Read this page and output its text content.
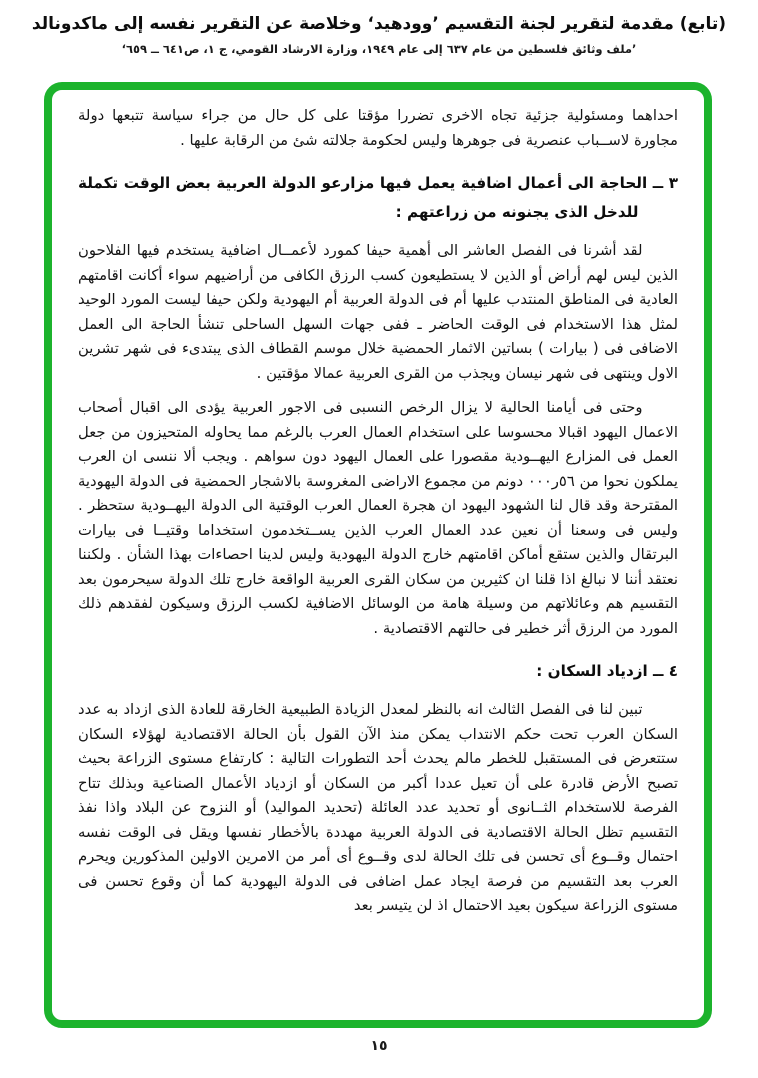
(تابع) مقدمة لتقرير لجنة التقسيم ’وودهيد‘ وخلاصة عن التقرير نفسه إلى ماكدونالد
’ملف وثائق فلسطين من عام ٦٣٧ إلى عام ١٩٤٩، وزارة الارشاد القومي، ج ١، ص٦٤١ ــ ٦٥٩‘

احداهما ومسئولية جزئية تجاه الاخرى تضررا مؤقتا على كل حال من جراء سياسة تتبعها دولة مجاورة لاســباب عنصرية فى جوهرها وليس لحكومة جلالته شئ من الرقابة عليها .

٣ ــ الحاجة الى أعمال اضافية يعمل فيها مزارعو الدولة العربية بعض الوقت تكملة للدخل الذى يجنونه من زراعتهم :

لقد أشرنا فى الفصل العاشر الى أهمية حيفا كمورد لأعمــال اضافية يستخدم فيها الفلاحون الذين ليس لهم أراض أو الذين لا يستطيعون كسب الرزق الكافى من أراضيهم سواء أكانت اقامتهم العادية فى المناطق المنتدب عليها أم فى الدولة العربية أم اليهودية ولكن حيفا ليست المورد الوحيد لمثل هذا الاستخدام فى الوقت الحاضر ـ ففى جهات السهل الساحلى تنشأ الحاجة الى العمل الاضافى فى ( بيارات ) بساتين الاثمار الحمضية خلال موسم القطاف الذى يبتدىء فى شهر تشرين الاول وينتهى فى شهر نيسان ويجذب من القرى العربية عمالا مؤقتين .

وحتى فى أيامنا الحالية لا يزال الرخص النسبى فى الاجور العربية يؤدى الى اقبال أصحاب الاعمال اليهود اقبالا محسوسا على استخدام العمال العرب بالرغم مما يحاوله المتحيزون من جعل العمل فى المزارع اليهــودية مقصورا على العمال اليهود دون سواهم . ويجب ألا ننسى ان العرب يملكون نحوا من ٥٦ر٠٠٠ دونم من مجموع الاراضى المغروسة بالاشجار الحمضية فى الدولة اليهودية المقترحة وقد قال لنا الشهود اليهود ان هجرة العمال العرب الوقتية الى الدولة اليهــودية ستحظر . وليس فى وسعنا أن نعين عدد العمال العرب الذين يســتخدمون استخداما وقتيــا فى بيارات البرتقال والذين ستقع أماكن اقامتهم خارج الدولة اليهودية وليس لدينا احصاءات بهذا الشأن . ولكننا نعتقد أننا لا نبالغ اذا قلنا ان كثيرين من سكان القرى العربية الواقعة خارج تلك الدولة سيحرمون بعد التقسيم هم وعائلاتهم من وسيلة هامة من الوسائل الاضافية لكسب الرزق وسيكون لفقدهم ذلك المورد من الرزق أثر خطير فى حالتهم الاقتصادية .

٤ ــ ازدياد السكان :

تبين لنا فى الفصل الثالث انه بالنظر لمعدل الزيادة الطبيعية الخارقة للعادة الذى ازداد به عدد السكان العرب تحت حكم الانتداب يمكن منذ الآن القول بأن الحالة الاقتصادية لهؤلاء السكان ستتعرض فى المستقبل للخطر مالم يحدث أحد التطورات التالية : كارتفاع مستوى الزراعة بحيث تصبح الأرض قادرة على أن تعيل عددا أكبر من السكان أو ازدياد الأعمال الصناعية وبذلك تتاح الفرصة للاستخدام الثــانوى أو تحديد عدد العائلة (تحديد المواليد) أو النزوح عن البلاد واذا نفذ التقسيم تظل الحالة الاقتصادية فى الدولة العربية مهددة بالأخطار نفسها ويقل فى الوقت نفسه احتمال وقــوع أى تحسن فى تلك الحالة لدى وقــوع أى أمر من الامرين الاولين المذكورين ويحرم العرب بعد التقسيم من فرصة ايجاد عمل اضافى فى الدولة اليهودية كما أن وقوع تحسن فى مستوى الزراعة سيكون بعيد الاحتمال اذ لن يتيسر بعد

١٥
